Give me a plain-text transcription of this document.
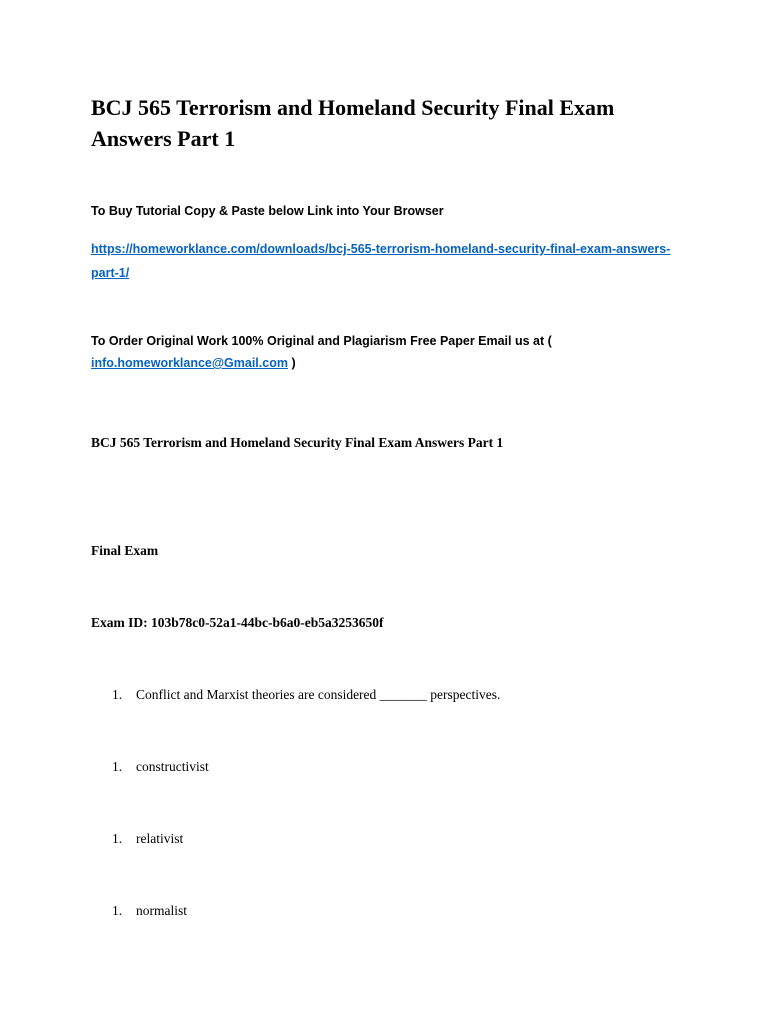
BCJ 565 Terrorism and Homeland Security Final Exam Answers Part 1

To Buy Tutorial Copy & Paste below Link into Your Browser

https://homeworklance.com/downloads/bcj-565-terrorism-homeland-security-final-exam-answers-part-1/

To Order Original Work 100% Original and Plagiarism Free Paper Email us at (
info.homeworklance@Gmail.com )

BCJ 565 Terrorism and Homeland Security Final Exam Answers Part 1

Final Exam

Exam ID: 103b78c0-52a1-44bc-b6a0-eb5a3253650f

1. Conflict and Marxist theories are considered _______ perspectives.
1. constructivist
1. relativist
1. normalist
